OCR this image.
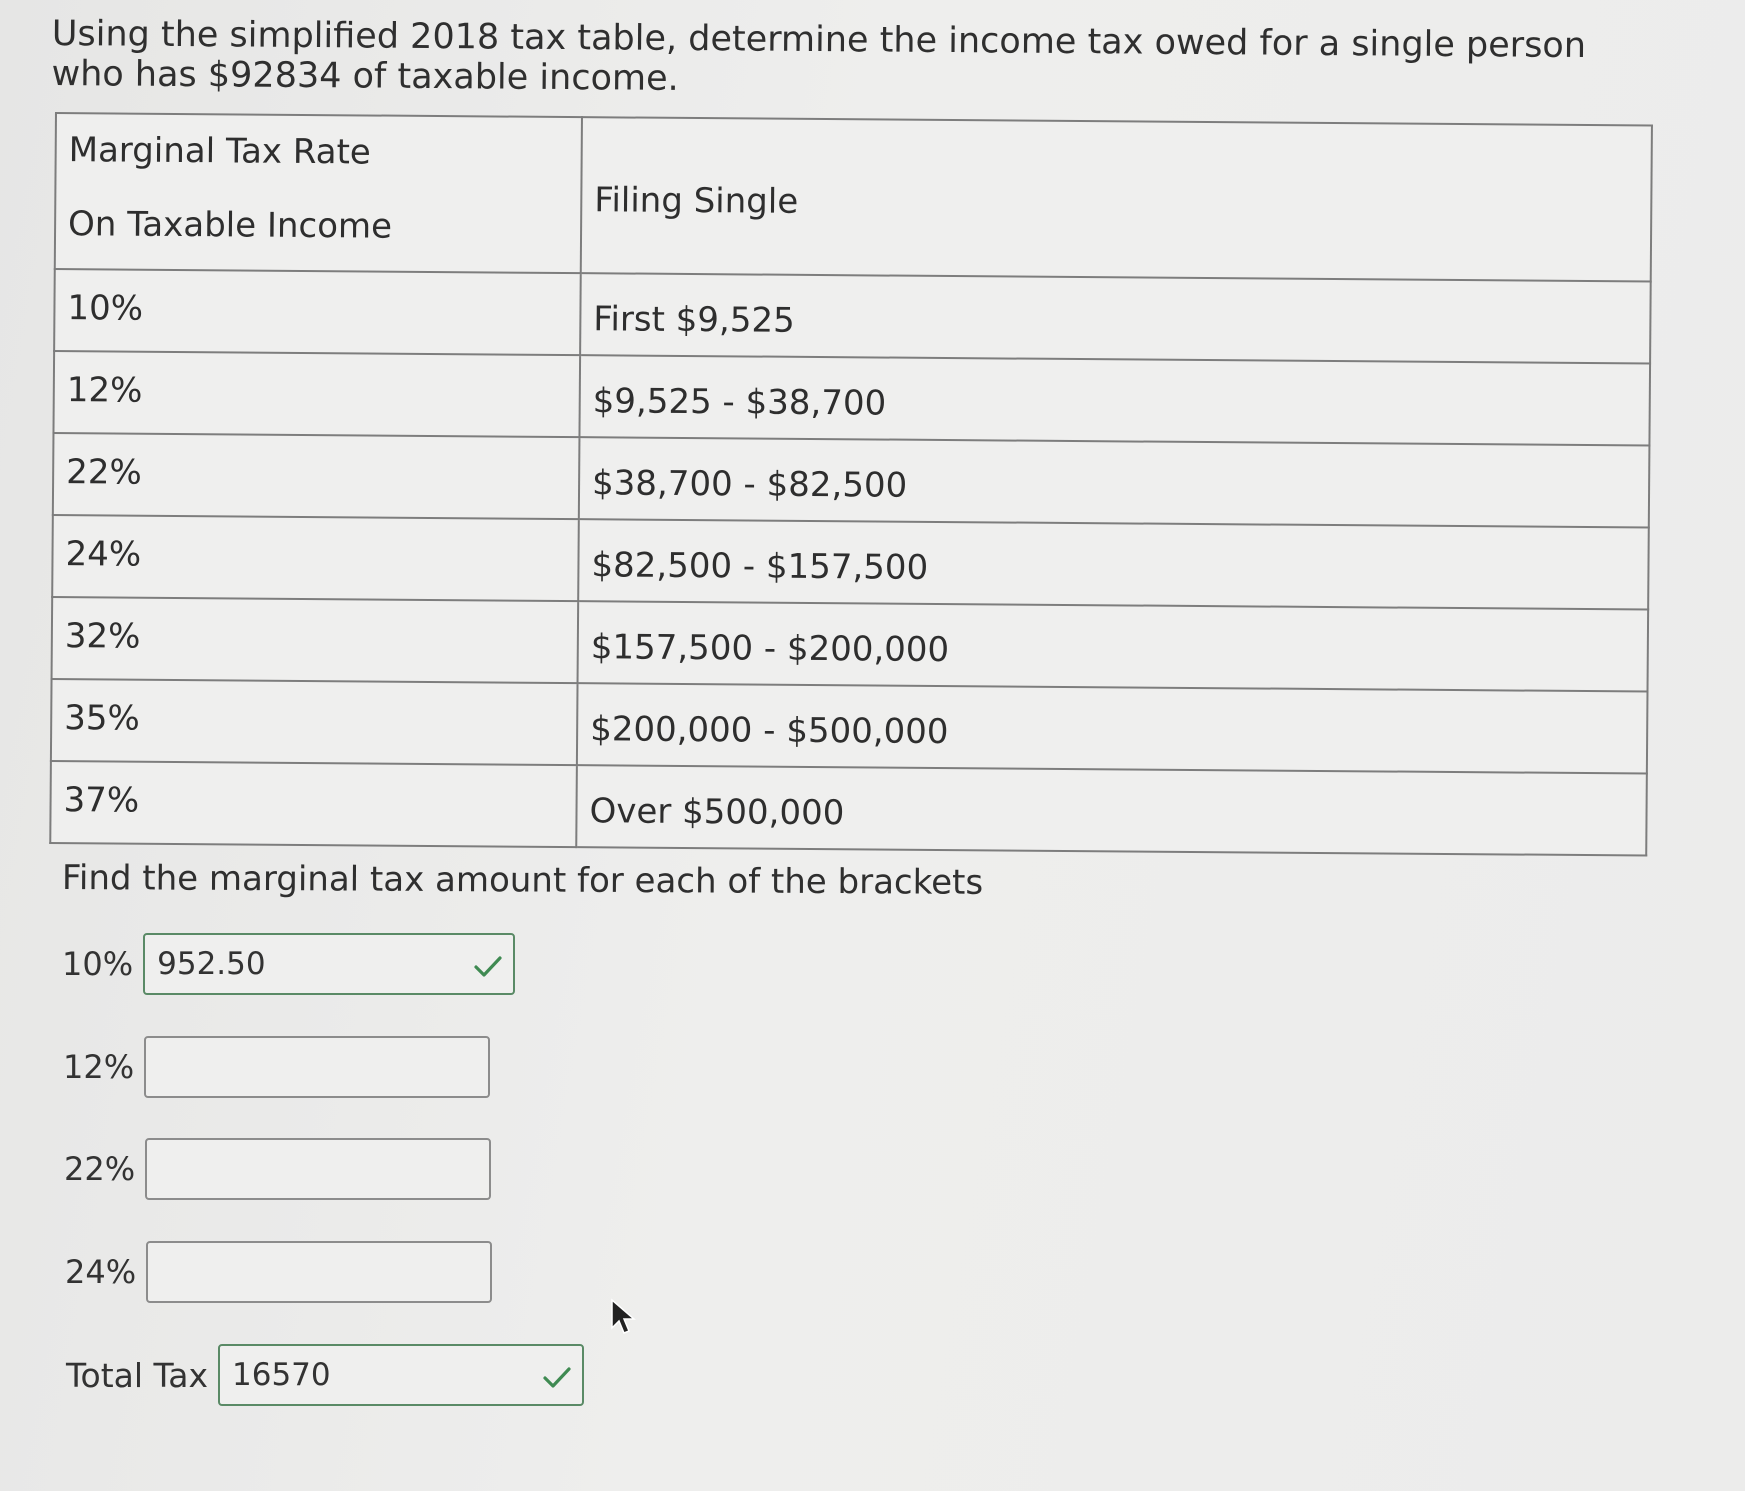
Using the simplified 2018 tax table, determine the income tax owed for a single person who has $92834 of taxable income.
Marginal Tax Rate
On Taxable Income	Filing Single
10%	First $9,525
12%	$9,525 - $38,700
22%	$38,700 - $82,500
24%	$82,500 - $157,500
32%	$157,500 - $200,000
35%	$200,000 - $500,000
37%	Over $500,000
Find the marginal tax amount for each of the brackets
10% 952.50
12%
22%
24%
Total Tax 16570
